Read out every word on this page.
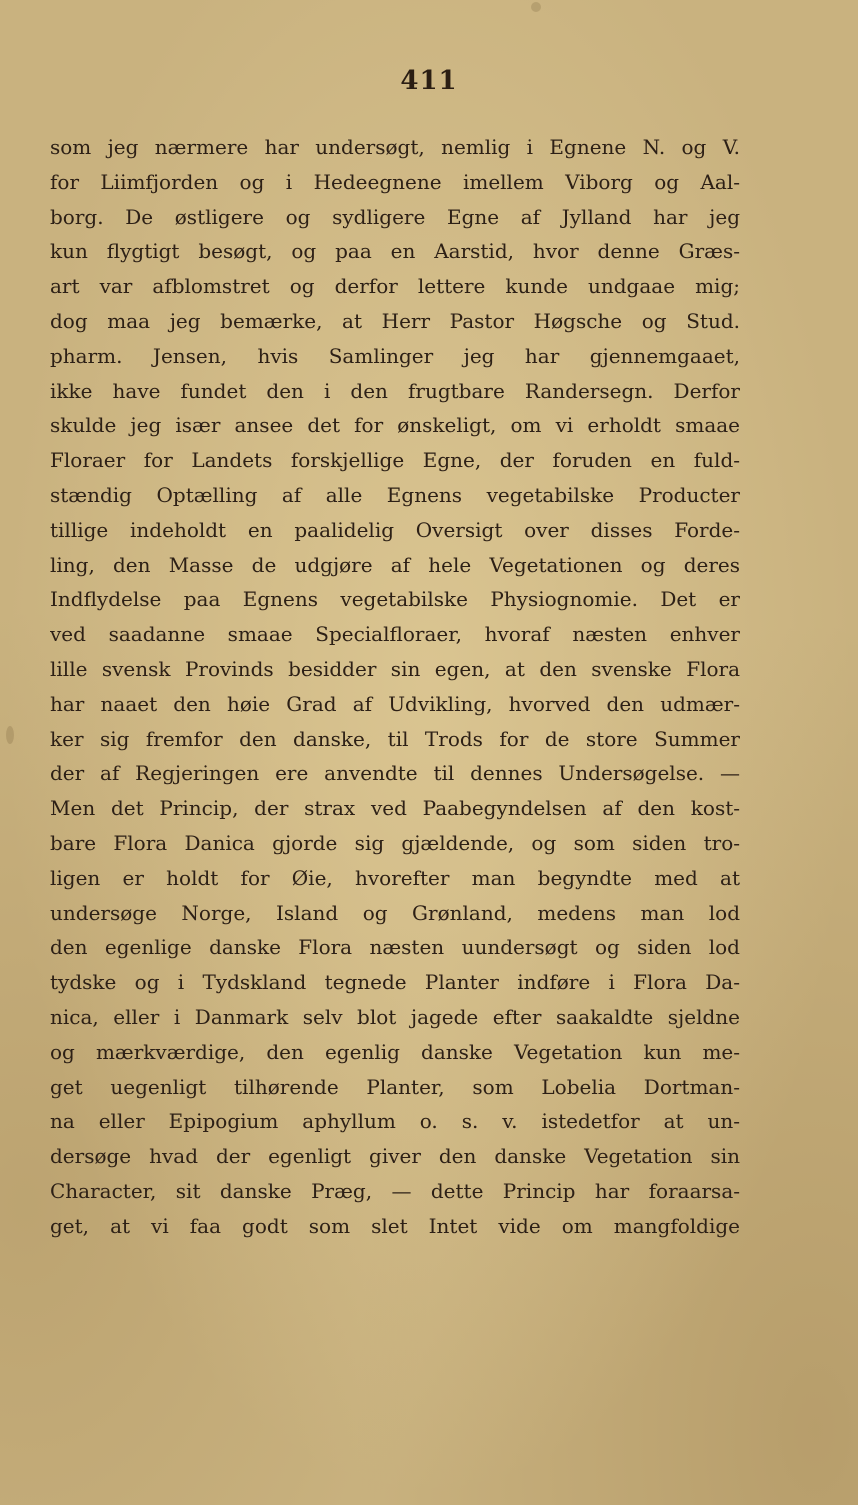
411
som jeg nærmere har undersøgt, nemlig i Egnene N. og V.
for Liimfjorden og i Hedeegnene imellem Viborg og Aal-
borg. De østligere og sydligere Egne af Jylland har jeg
kun flygtigt besøgt, og paa en Aarstid, hvor denne Græs-
art var afblomstret og derfor lettere kunde undgaae mig;
dog maa jeg bemærke, at Herr Pastor Høgsche og Stud.
pharm. Jensen, hvis Samlinger jeg har gjennemgaaet,
ikke have fundet den i den frugtbare Randersegn. Derfor
skulde jeg især ansee det for ønskeligt, om vi erholdt smaae
Floraer for Landets forskjellige Egne, der foruden en fuld-
stændig Optælling af alle Egnens vegetabilske Producter
tillige indeholdt en paalidelig Oversigt over disses Forde-
ling, den Masse de udgjøre af hele Vegetationen og deres
Indflydelse paa Egnens vegetabilske Physiognomie. Det er
ved saadanne smaae Specialfloraer, hvoraf næsten enhver
lille svensk Provinds besidder sin egen, at den svenske Flora
har naaet den høie Grad af Udvikling, hvorved den udmær-
ker sig fremfor den danske, til Trods for de store Summer
der af Regjeringen ere anvendte til dennes Undersøgelse. —
Men det Princip, der strax ved Paabegyndelsen af den kost-
bare Flora Danica gjorde sig gjældende, og som siden tro-
ligen er holdt for Øie, hvorefter man begyndte med at
undersøge Norge, Island og Grønland, medens man lod
den egenlige danske Flora næsten uundersøgt og siden lod
tydske og i Tydskland tegnede Planter indføre i Flora Da-
nica, eller i Danmark selv blot jagede efter saakaldte sjeldne
og mærkværdige, den egenlig danske Vegetation kun me-
get uegenligt tilhørende Planter, som Lobelia Dortman-
na eller Epipogium aphyllum o. s. v. istedetfor at un-
dersøge hvad der egenligt giver den danske Vegetation sin
Character, sit danske Præg, — dette Princip har foraarsa-
get, at vi faa godt som slet Intet vide om mangfoldige
